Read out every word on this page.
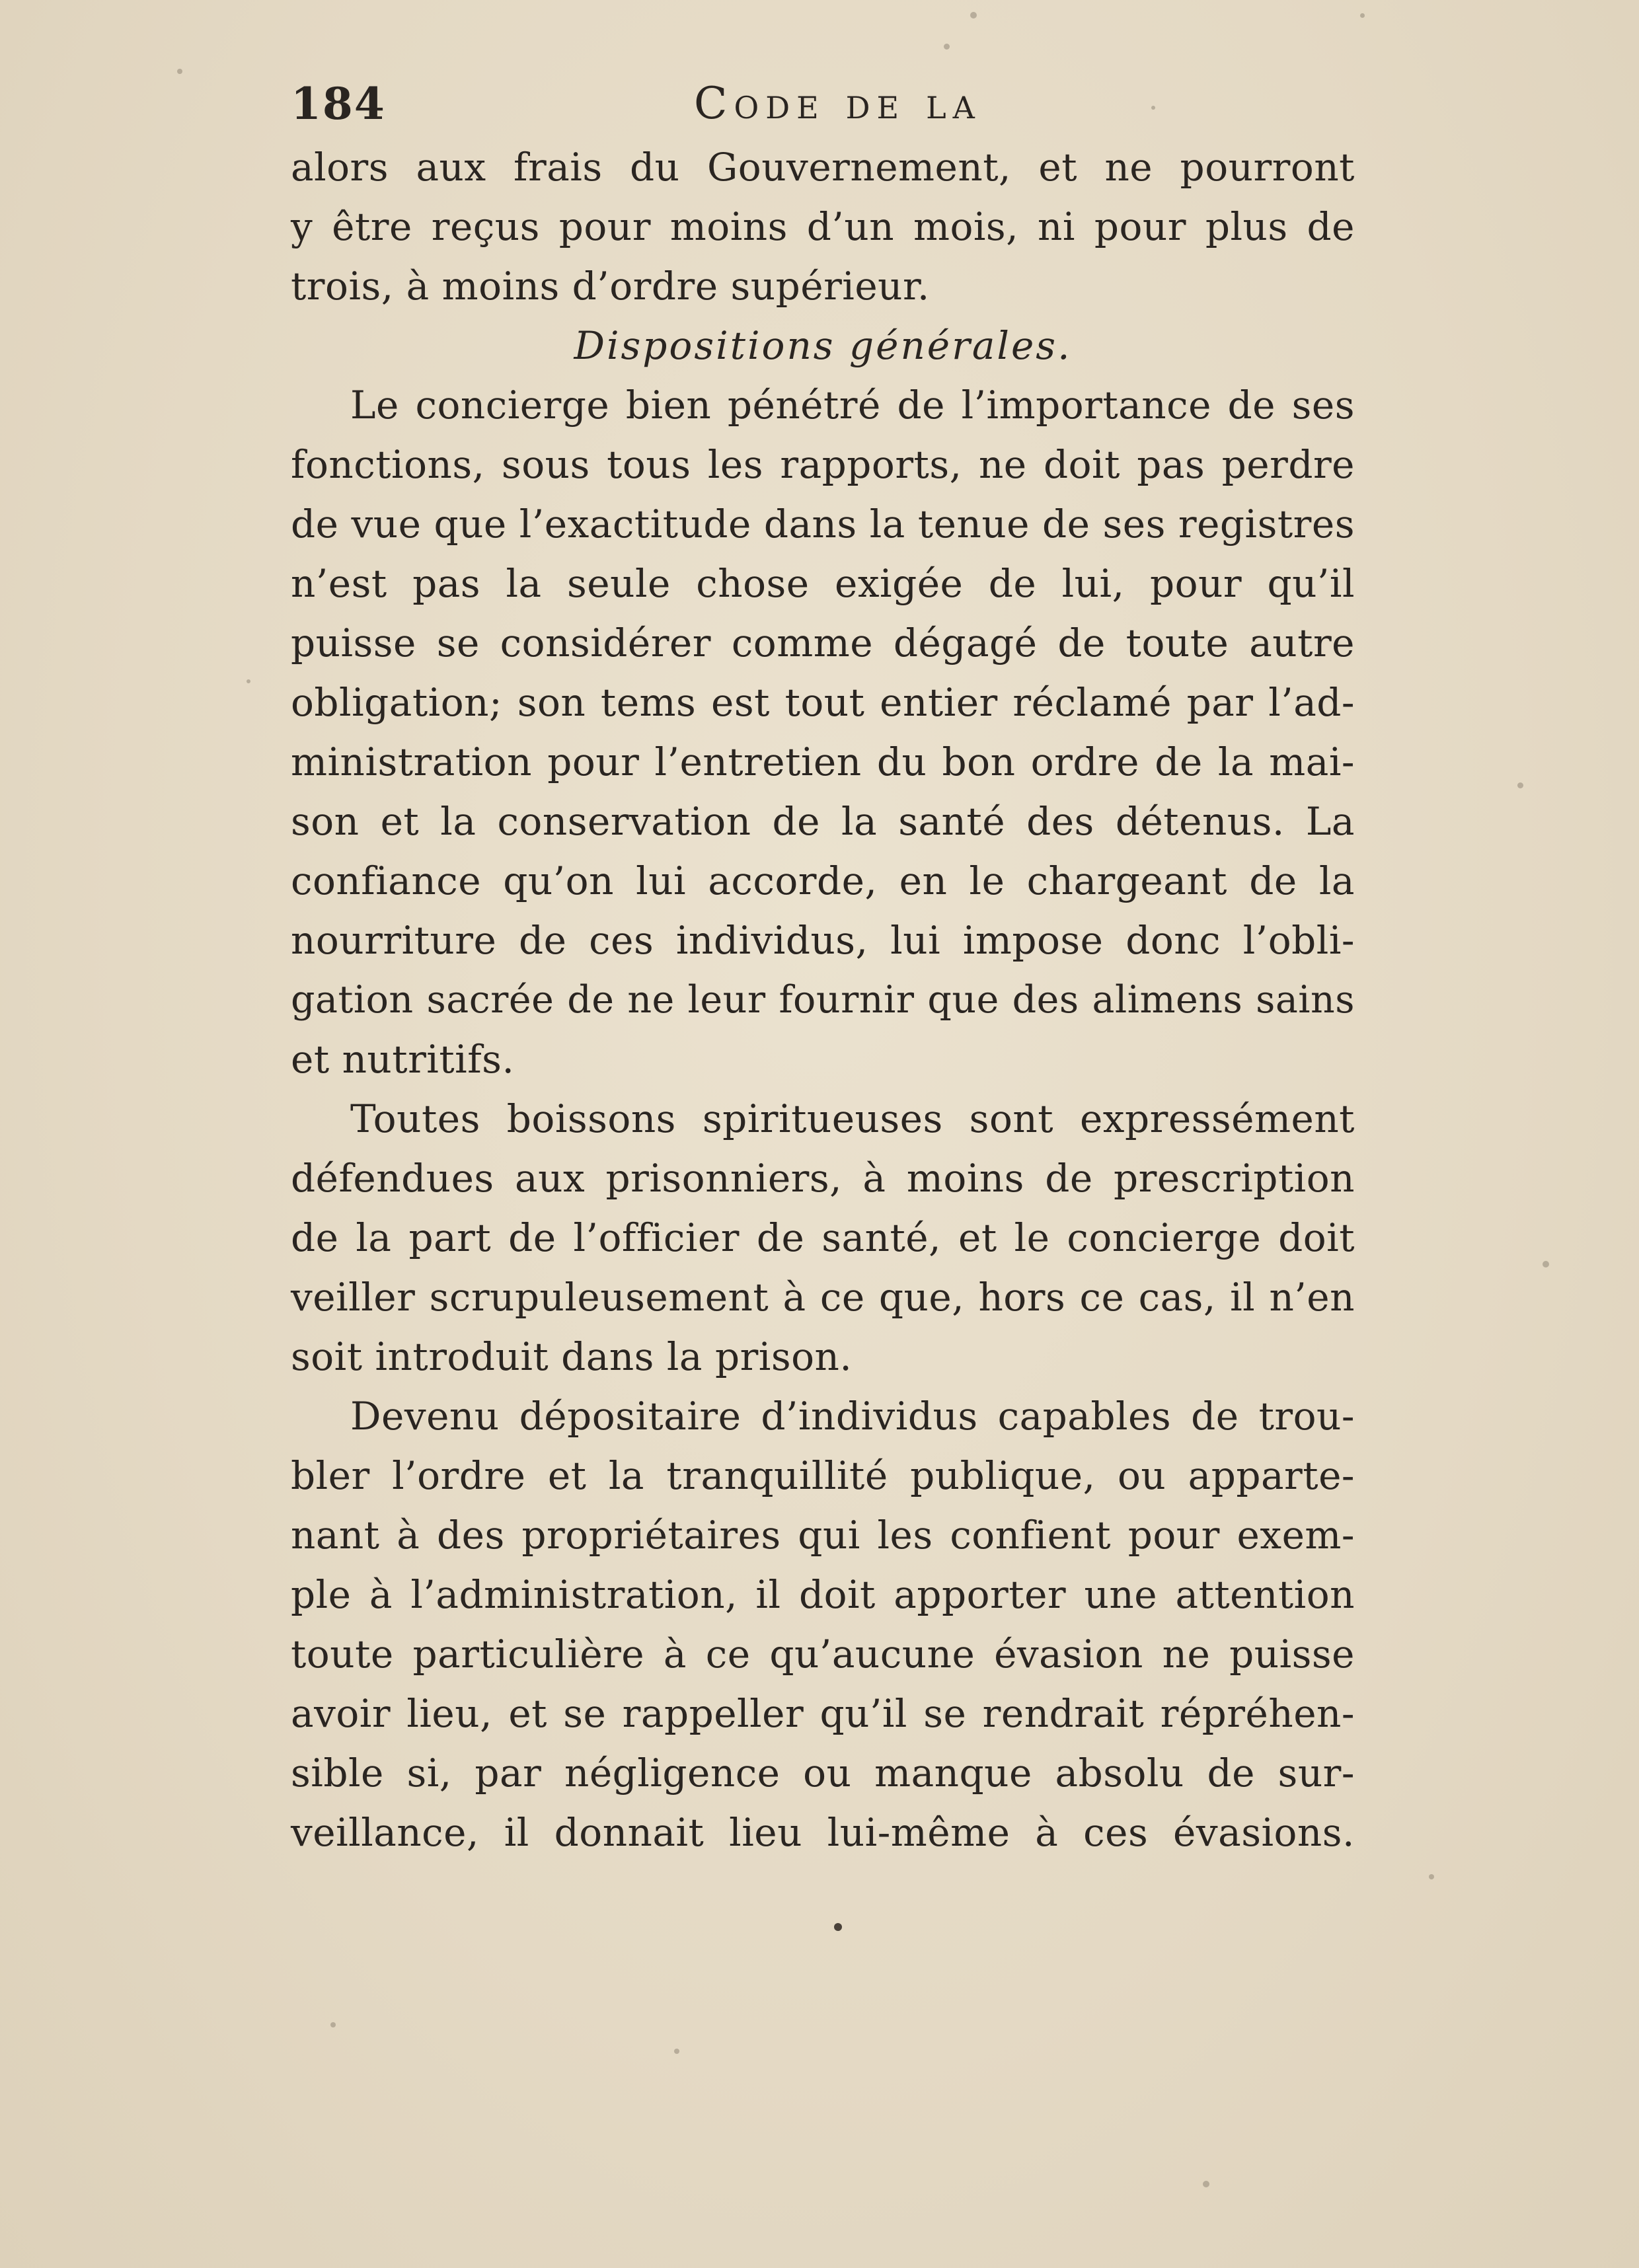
184	Code de la
alors aux frais du Gouvernement, et ne pourront
y être reçus pour moins d’un mois, ni pour plus de
trois, à moins d’ordre supérieur.
Dispositions générales.
Le concierge bien pénétré de l’importance de ses
fonctions, sous tous les rapports, ne doit pas perdre
de vue que l’exactitude dans la tenue de ses registres
n’est pas la seule chose exigée de lui, pour qu’il
puisse se considérer comme dégagé de toute autre
obligation; son tems est tout entier réclamé par l’ad-
ministration pour l’entretien du bon ordre de la mai-
son et la conservation de la santé des détenus. La
confiance qu’on lui accorde, en le chargeant de la
nourriture de ces individus, lui impose donc l’obli-
gation sacrée de ne leur fournir que des alimens sains
et nutritifs.
Toutes boissons spiritueuses sont expressément
défendues aux prisonniers, à moins de prescription
de la part de l’officier de santé, et le concierge doit
veiller scrupuleusement à ce que, hors ce cas, il n’en
soit introduit dans la prison.
Devenu dépositaire d’individus capables de trou-
bler l’ordre et la tranquillité publique, ou apparte-
nant à des propriétaires qui les confient pour exem-
ple à l’administration, il doit apporter une attention
toute particulière à ce qu’aucune évasion ne puisse
avoir lieu, et se rappeller qu’il se rendrait répréhen-
sible si, par négligence ou manque absolu de sur-
veillance, il donnait lieu lui-même à ces évasions.
